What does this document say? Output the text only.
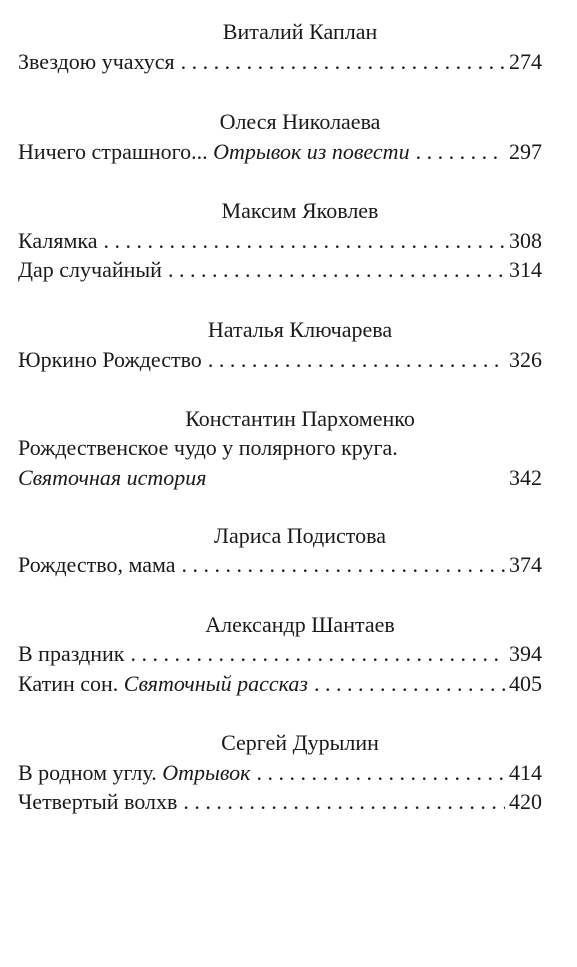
Виталий Каплан
Звездою учахуся . . .	274
Олеся Николаева
Ничего страшного... Отрывок из повести . . .	297
Максим Яковлев
Калямка . . .	308
Дар случайный . . .	314
Наталья Ключарева
Юркино Рождество . . .	326
Константин Пархоменко
Рождественское чудо у полярного круга.
Святочная история	342
Лариса Подистова
Рождество, мама . . .	374
Александр Шантаев
В праздник . . .	394
Катин сон. Святочный рассказ . . .	405
Сергей Дурылин
В родном углу. Отрывок . . .	414
Четвертый волхв . . .	420
